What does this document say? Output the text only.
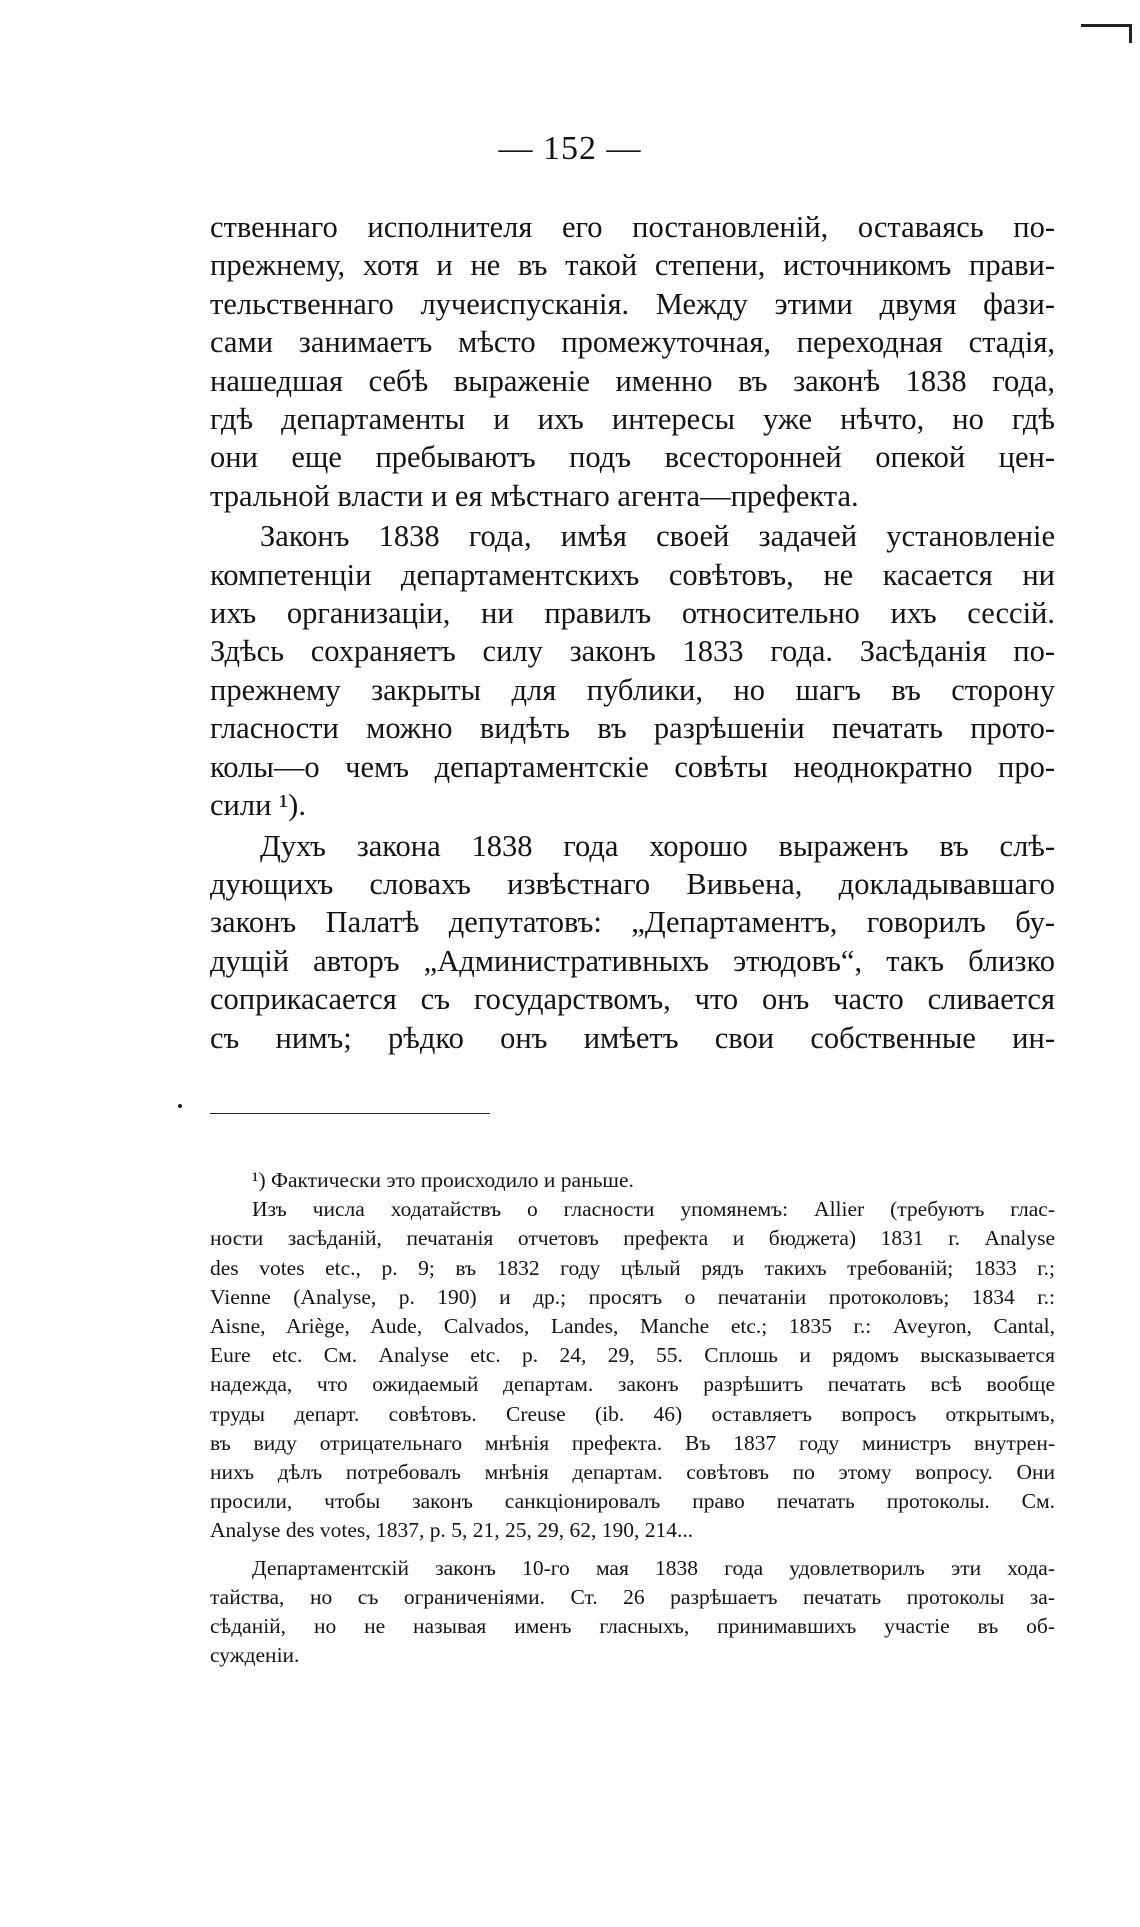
— 152 —
ственнаго исполнителя его постановленій, оставаясь по-
прежнему, хотя и не въ такой степени, источникомъ прави-
тельственнаго лучеиспусканія. Между этими двумя фази-
сами занимаетъ мѣсто промежуточная, переходная стадія,
нашедшая себѣ выраженіе именно въ законѣ 1838 года,
гдѣ департаменты и ихъ интересы уже нѣчто, но гдѣ
они еще пребываютъ подъ всесторонней опекой цен-
тральной власти и ея мѣстнаго агента—префекта.
Законъ 1838 года, имѣя своей задачей установленіе
компетенціи департаментскихъ совѣтовъ, не касается ни
ихъ организаціи, ни правилъ относительно ихъ сессій.
Здѣсь сохраняетъ силу законъ 1833 года. Засѣданія по-
прежнему закрыты для публики, но шагъ въ сторону
гласности можно видѣть въ разрѣшеніи печатать прото-
колы—о чемъ департаментскіе совѣты неоднократно про-
сили ¹).
Духъ закона 1838 года хорошо выраженъ въ слѣ-
дующихъ словахъ извѣстнаго Вивьена, докладывавшаго
законъ Палатѣ депутатовъ: „Департаментъ, говорилъ бу-
дущій авторъ „Административныхъ этюдовъ“, такъ близко
соприкасается съ государствомъ, что онъ часто сливается
съ нимъ; рѣдко онъ имѣетъ свои собственные ин-
¹) Фактически это происходило и раньше.
Изъ числа ходатайствъ о гласности упомянемъ: Allier (требуютъ глас-
ности засѣданій, печатанія отчетовъ префекта и бюджета) 1831 г. Analyse
des votes etc., p. 9; въ 1832 году цѣлый рядъ такихъ требованій; 1833 г.;
Vienne (Analyse, p. 190) и др.; просятъ о печатаніи протоколовъ; 1834 г.:
Aisne, Ariège, Aude, Calvados, Landes, Manche etc.; 1835 г.: Aveyron, Cantal,
Eure etc. См. Analyse etc. p. 24, 29, 55. Сплошь и рядомъ высказывается
надежда, что ожидаемый департам. законъ разрѣшитъ печатать всѣ вообще
труды департ. совѣтовъ. Creuse (ib. 46) оставляетъ вопросъ открытымъ,
въ виду отрицательнаго мнѣнія префекта. Въ 1837 году министръ внутрен-
нихъ дѣлъ потребовалъ мнѣнія департам. совѣтовъ по этому вопросу. Они
просили, чтобы законъ санкціонировалъ право печатать протоколы. См.
Analyse des votes, 1837, p. 5, 21, 25, 29, 62, 190, 214...
Департаментскій законъ 10-го мая 1838 года удовлетворилъ эти хода-
тайства, но съ ограниченіями. Ст. 26 разрѣшаетъ печатать протоколы за-
сѣданій, но не называя именъ гласныхъ, принимавшихъ участіе въ об-
сужденіи.
